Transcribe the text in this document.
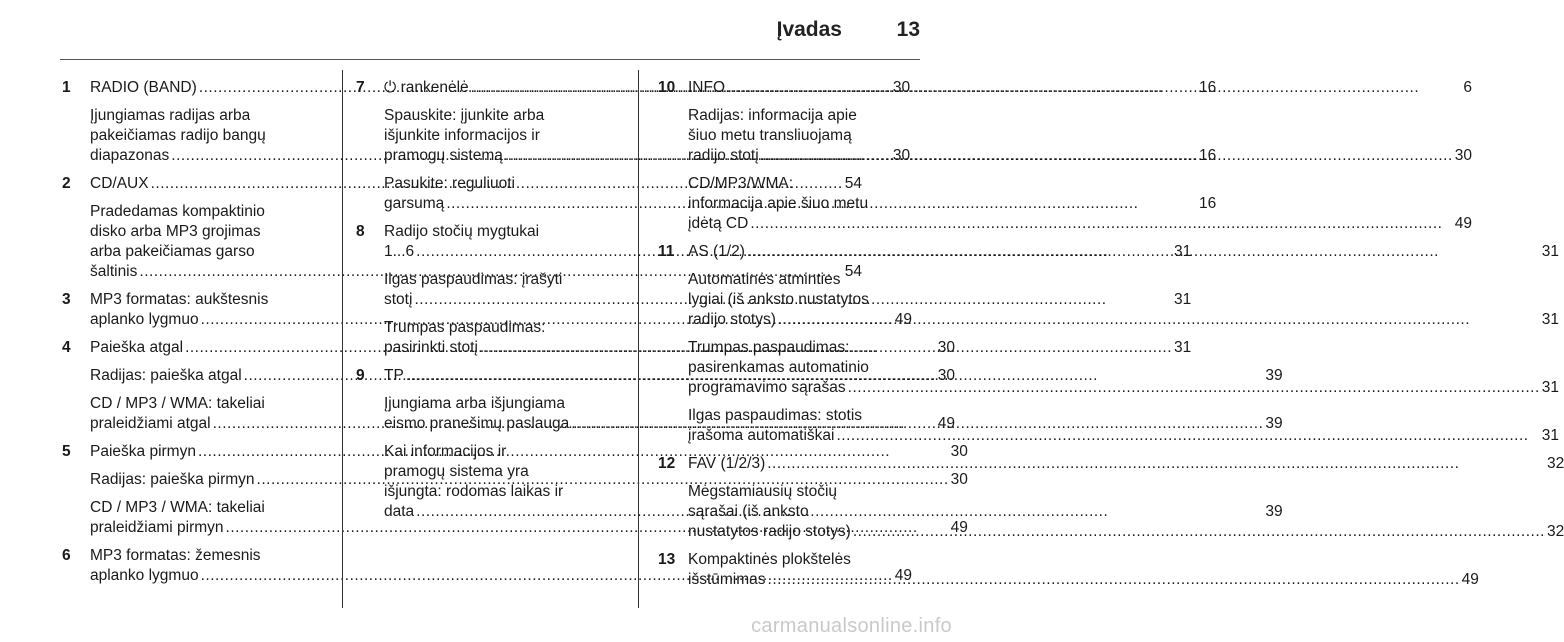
Įvadas	13
1	RADIO (BAND) .....	30
Įjungiamas radijas arba
pakeičiamas radijo bangų
diapazonas .....	30
2	CD/AUX .....	54
Pradedamas kompaktinio
disko arba MP3 grojimas
arba pakeičiamas garso
šaltinis .....	54
3	MP3 formatas: aukštesnis
aplanko lygmuo .....	49
4	Paieška atgal .....	30
Radijas: paieška atgal .....	30
CD / MP3 / WMA: takeliai
praleidžiami atgal .....	49
5	Paieška pirmyn .....	30
Radijas: paieška pirmyn .....	30
CD / MP3 / WMA: takeliai
praleidžiami pirmyn .....	49
6	MP3 formatas: žemesnis
aplanko lygmuo .....	49
7	⏻ rankenėlė .....	16
Spauskite: įjunkite arba
išjunkite informacijos ir
pramogų sistemą .....	16
Pasukite: reguliuoti
garsumą .....	16
8	Radijo stočių mygtukai
1...6 .....	31
Ilgas paspaudimas: įrašyti
stotį .....	31
Trumpas paspaudimas:
pasirinkti stotį .....	31
9	TP .....	39
Įjungiama arba išjungiama
eismo pranešimų paslauga .....	39
Kai informacijos ir
pramogų sistema yra
išjungta: rodomas laikas ir
data .....	39
10 INFO .....	6
Radijas: informacija apie
šiuo metu transliuojamą
radijo stotį .....	30
CD/MP3/WMA:
informacija apie šiuo metu
įdėtą CD .....	49
11 AS (1/2) .....	31
Automatinės atminties
lygiai (iš anksto nustatytos
radijo stotys) .....	31
Trumpas paspaudimas:
pasirenkamas automatinio
programavimo sąrašas .....	31
Ilgas paspaudimas: stotis
įrašoma automatiškai .....	31
12 FAV (1/2/3) .....	32
Mėgstamiausių stočių
sąrašai (iš anksto
nustatytos radijo stotys) .....	32
13 Kompaktinės plokštelės
išstūmimas .....	49
carmanualsonline.info
